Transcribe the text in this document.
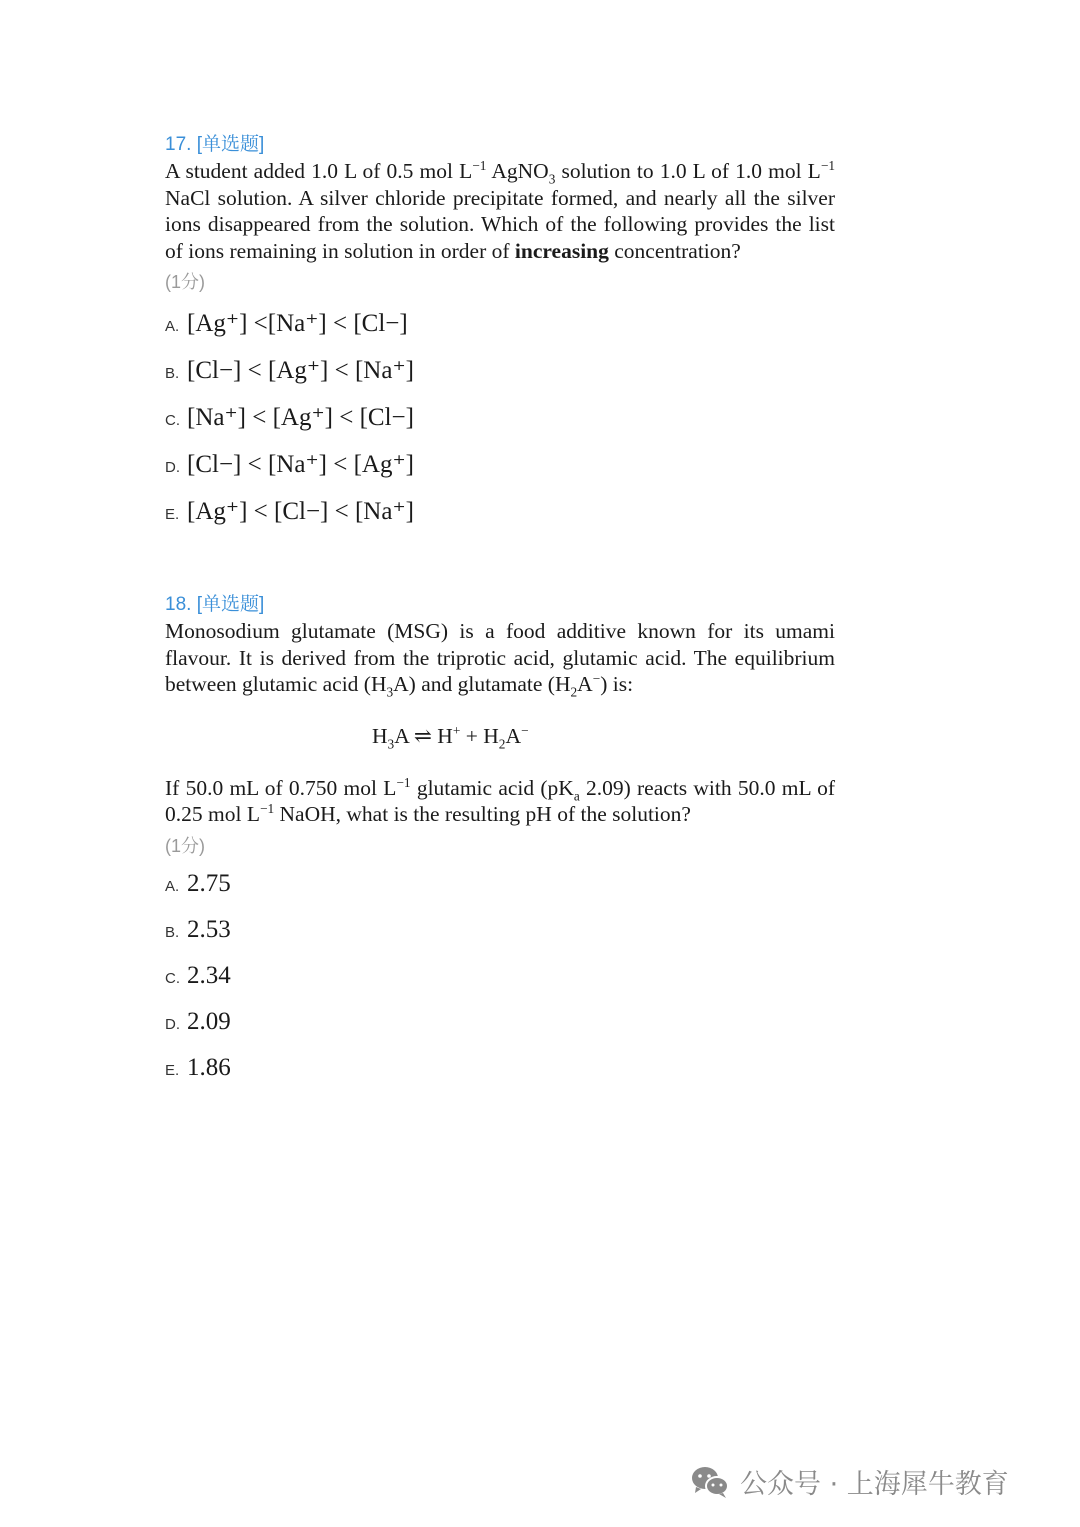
17. [单选题]
A student added 1.0 L of 0.5 mol $L^{-1}$ AgNO$_3$ solution to 1.0 L of 1.0 mol $L^{-1}$ NaCl solution. A silver chloride precipitate formed, and nearly all the silver ions disappeared from the solution. Which of the following provides the list of ions remaining in solution in order of increasing concentration?
(1分)
A. [Ag⁺] <[Na⁺] < [Cl−]
B. [Cl−] < [Ag⁺] < [Na⁺]
C. [Na⁺] < [Ag⁺] < [Cl−]
D. [Cl−] < [Na⁺] < [Ag⁺]
E. [Ag⁺] < [Cl−] < [Na⁺]
18. [单选题]
Monosodium glutamate (MSG) is a food additive known for its umami flavour. It is derived from the triprotic acid, glutamic acid. The equilibrium between glutamic acid $(H_3A)$ and glutamate $(H_2A^-)$ is:
$H_3A$ ⇌ $H^+ + H_2A^-$
If 50.0 mL of 0.750 mol $L^{-1}$ glutamic acid ($pK_a$ 2.09) reacts with 50.0 mL of 0.25 mol $L^{-1}$ NaOH, what is the resulting pH of the solution?
(1分)
A. 2.75
B. 2.53
C. 2.34
D. 2.09
E. 1.86
公众号 · 上海犀牛教育
